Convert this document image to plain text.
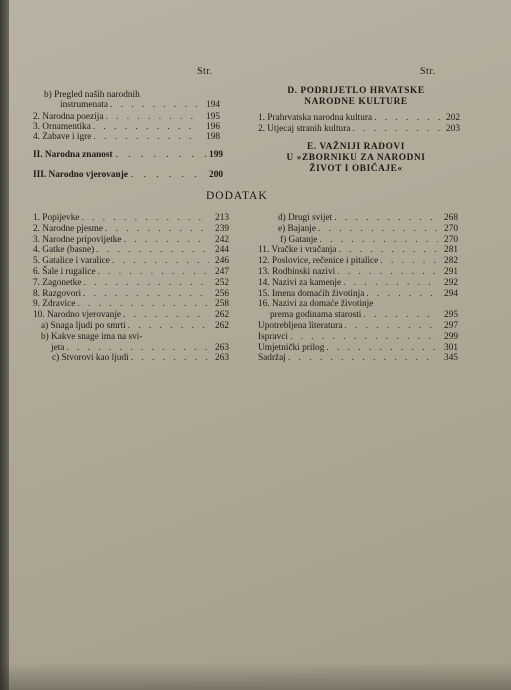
Str.	Str.
b) Pregled naših narodnih
instrumenata . . .	194
2. Narodna poezija . . .	195
3. Ornamentika . . .	196
4. Zabave i igre . . .	198
II. Narodna znanost . . .	199
III. Narodno vjerovanje . . .	200
D. PODRIJETLO HRVATSKE
NARODNE KULTURE
1. Prahrvatska narodna kultura . . .	202
2. Utjecaj stranih kultura . . .	203
E. VAŽNIJI RADOVI
U »ZBORNIKU ZA NARODNI
ŽIVOT I OBIČAJE«
DODATAK
1. Popijevke . . .	213
2. Narodne pjesme . . .	239
3. Narodne pripovijetke . . .	242
4. Gatke (basne) . . .	244
5. Gatalice i varalice . . .	246
6. Šale i rugalice . . .	247
7. Zagonetke . . .	252
8. Razgovori . . .	256
9. Zdravice . . .	258
10. Narodno vjerovanje . . .	262
a) Snaga ljudi po smrti . . .	262
b) Kakve snage ima na svi-
jeta . . .	263
c) Stvorovi kao ljudi . . .	263
d) Drugi svijet . . .	268
e) Bajanje . . .	270
f) Gatanje . . .	270
11. Vračke i vračanja . . .	281
12. Poslovice, rečenice i pitalice . . .	282
13. Rodbinski nazivi . . .	291
14. Nazivi za kamenje . . .	292
15. Imena domaćih životinja . . .	294
16. Nazivi za domaće životinje
prema godinama starosti . . .	295
Upotrebljena literatura . . .	297
Ispravci . . .	299
Umjetnički prilog . . .	301
Sadržaj . . .	345
